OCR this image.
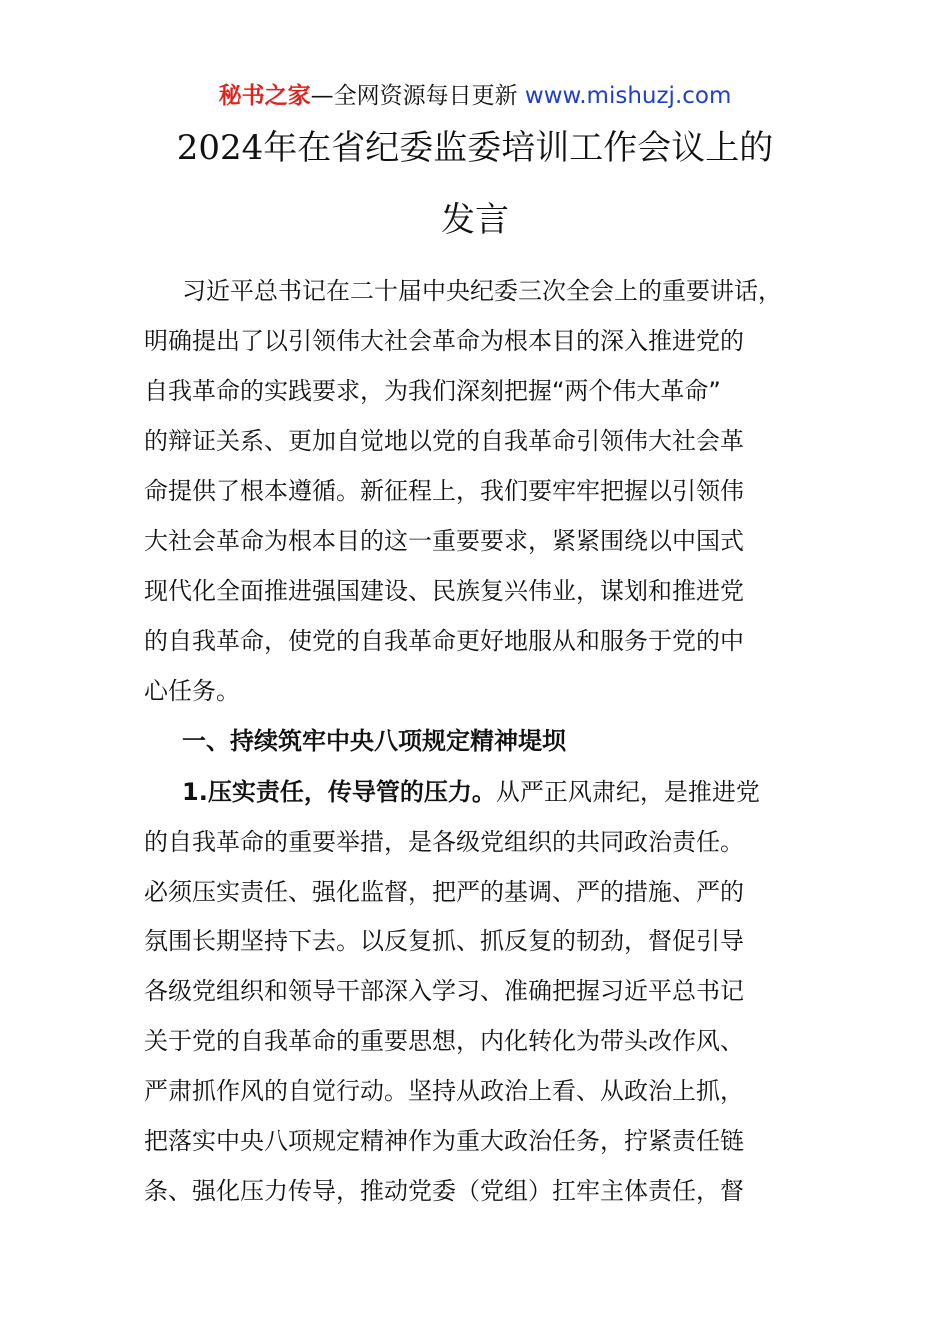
秘书之家—全网资源每日更新 www.mishuzj.com
2024年在省纪委监委培训工作会议上的
发言
习近平总书记在二十届中央纪委三次全会上的重要讲话，
明确提出了以引领伟大社会革命为根本目的深入推进党的
自我革命的实践要求，为我们深刻把握“两个伟大革命”
的辩证关系、更加自觉地以党的自我革命引领伟大社会革
命提供了根本遵循。新征程上，我们要牢牢把握以引领伟
大社会革命为根本目的这一重要要求，紧紧围绕以中国式
现代化全面推进强国建设、民族复兴伟业，谋划和推进党
的自我革命，使党的自我革命更好地服从和服务于党的中
心任务。
一、持续筑牢中央八项规定精神堤坝
1.压实责任，传导管的压力。从严正风肃纪，是推进党
的自我革命的重要举措，是各级党组织的共同政治责任。
必须压实责任、强化监督，把严的基调、严的措施、严的
氛围长期坚持下去。以反复抓、抓反复的韧劲，督促引导
各级党组织和领导干部深入学习、准确把握习近平总书记
关于党的自我革命的重要思想，内化转化为带头改作风、
严肃抓作风的自觉行动。坚持从政治上看、从政治上抓，
把落实中央八项规定精神作为重大政治任务，拧紧责任链
条、强化压力传导，推动党委（党组）扛牢主体责任，督
